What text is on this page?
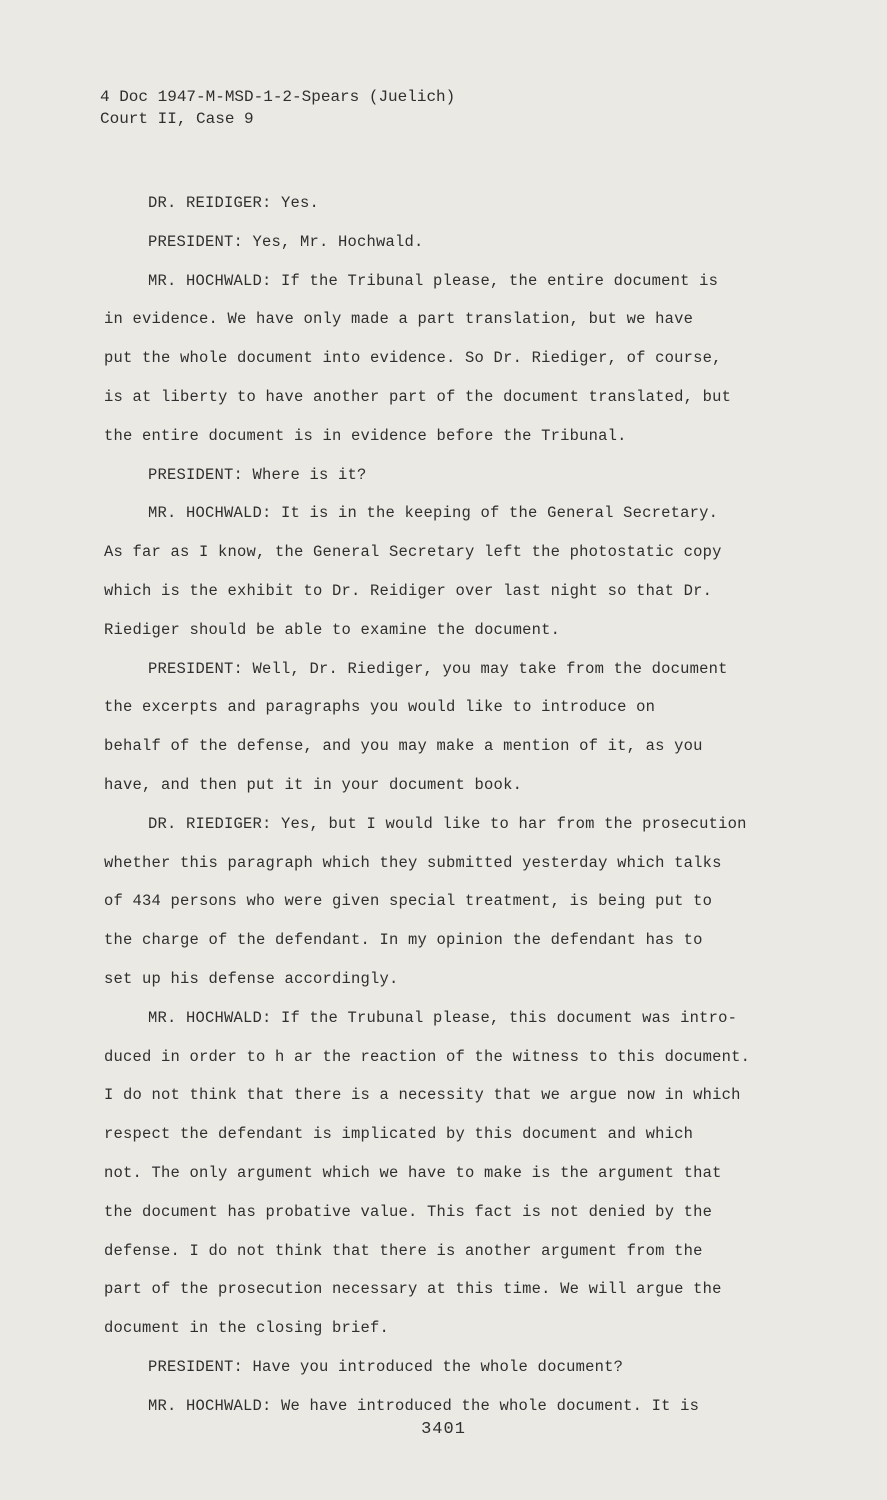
4 Doc 1947-M-MSD-1-2-Spears (Juelich)
Court II, Case 9
DR. REIDIGER: Yes.
PRESIDENT: Yes, Mr. Hochwald.
MR. HOCHWALD: If the Tribunal please, the entire document is
in evidence. We have only made a part translation, but we have
put the whole document into evidence. So Dr. Riediger, of course,
is at liberty to have another part of the document translated, but
the entire document is in evidence before the Tribunal.
PRESIDENT: Where is it?
MR. HOCHWALD: It is in the keeping of the General Secretary.
As far as I know, the General Secretary left the photostatic copy
which is the exhibit to Dr. Reidiger over last night so that Dr.
Riediger should be able to examine the document.
PRESIDENT: Well, Dr. Riediger, you may take from the document
the excerpts and paragraphs you would like to introduce on
behalf of the defense, and you may make a mention of it, as you
have, and then put it in your document book.
DR. RIEDIGER: Yes, but I would like to har from the prosecution
whether this paragraph which they submitted yesterday which talks
of 434 persons who were given special treatment, is being put to
the charge of the defendant. In my opinion the defendant has to
set up his defense accordingly.
MR. HOCHWALD: If the Trubunal please, this document was intro-
duced in order to h ar the reaction of the witness to this document.
I do not think that there is a necessity that we argue now in which
respect the defendant is implicated by this document and which
not. The only argument which we have to make is the argument that
the document has probative value. This fact is not denied by the
defense. I do not think that there is another argument from the
part of the prosecution necessary at this time. We will argue the
document in the closing brief.
PRESIDENT: Have you introduced the whole document?
MR. HOCHWALD: We have introduced the whole document. It is
3401
